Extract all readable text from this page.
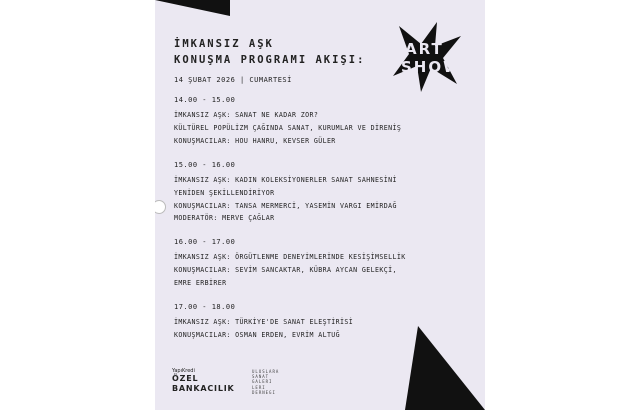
İMKANSIZ AŞK
KONUŞMA PROGRAMI AKIŞI:
ART
SHOW
14 ŞUBAT 2026 | CUMARTESİ
14.00 - 15.00
İMKANSIZ AŞK: SANAT NE KADAR ZOR?
KÜLTÜREL POPÜLİZM ÇAĞINDA SANAT, KURUMLAR VE DİRENİŞ
KONUŞMACILAR: HOU HANRU, KEVSER GÜLER
15.00 - 16.00
İMKANSIZ AŞK: KADIN KOLEKSİYONERLER SANAT SAHNESİNİ
YENİDEN ŞEKİLLENDİRİYOR
KONUŞMACILAR: TANSA MERMERCİ, YASEMİN VARGI EMİRDAĞ
MODERATÖR: MERVE ÇAĞLAR
16.00 - 17.00
İMKANSIZ AŞK: ÖRGÜTLENME DENEYİMLERİNDE KESİŞİMSELLİK
KONUŞMACILAR: SEVİM SANCAKTAR, KÜBRA AYCAN GELEKÇİ,
EMRE ERBİRER
17.00 - 18.00
İMKANSIZ AŞK: TÜRKİYE'DE SANAT ELEŞTİRİSİ
KONUŞMACILAR: OSMAN ERDEN, EVRİM ALTUĞ
YapıKredi
ÖZEL
BANKACILIK
ULUSLARA
SANAT
GALERI
LERI
DERNEGI
